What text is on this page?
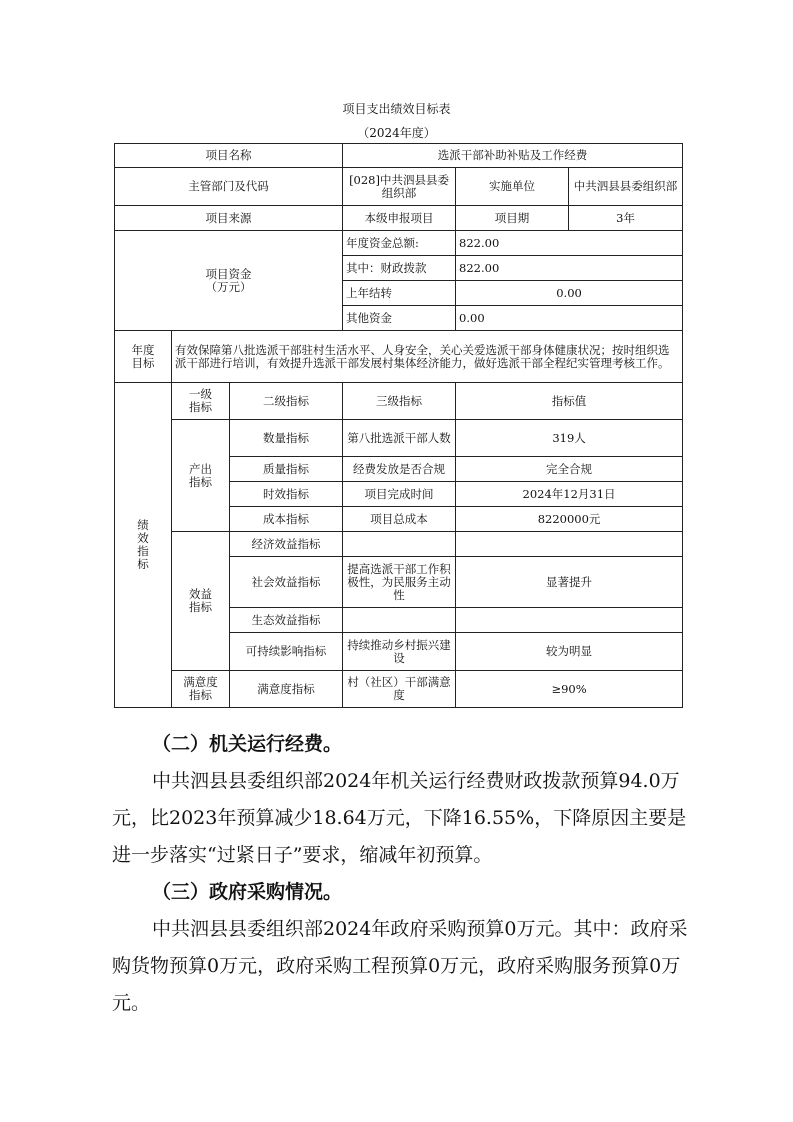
项目支出绩效目标表
（2024年度）
项目名称			选派干部补助补贴及工作经费		
主管部门及代码			[028]中共泗县县委组织部	实施单位	中共泗县县委组织部
项目来源			本级申报项目	项目期	3年

项目资金（万元）			年度资金总额:	822.00	
			其中：财政拨款	822.00	
			上年结转	0.00	
			其他资金	0.00	

年度目标	有效保障第八批选派干部驻村生活水平、人身安全，关心关爱选派干部身体健康状况；按时组织选派干部进行培训，有效提升选派干部发展村集体经济能力，做好选派干部全程纪实管理考核工作。				

绩效指标	一级指标	二级指标	三级指标	指标值	

	产出指标	数量指标	第八批选派干部人数	319人	
		质量指标	经费发放是否合规	完全合规	
		时效指标	项目完成时间	2024年12月31日	
		成本指标	项目总成本	8220000元	

	效益指标	经济效益指标			
		社会效益指标	提高选派干部工作积极性，为民服务主动性	显著提升	
		生态效益指标			
		可持续影响指标	持续推动乡村振兴建设	较为明显	

	满意度指标	满意度指标	村（社区）干部满意度	≥90%	

（二）机关运行经费。

中共泗县县委组织部2024年机关运行经费财政拨款预算94.0万元，比2023年预算减少18.64万元，下降16.55%，下降原因主要是进一步落实“过紧日子”要求，缩减年初预算。

（三）政府采购情况。

中共泗县县委组织部2024年政府采购预算0万元。其中：政府采购货物预算0万元，政府采购工程预算0万元，政府采购服务预算0万元。
